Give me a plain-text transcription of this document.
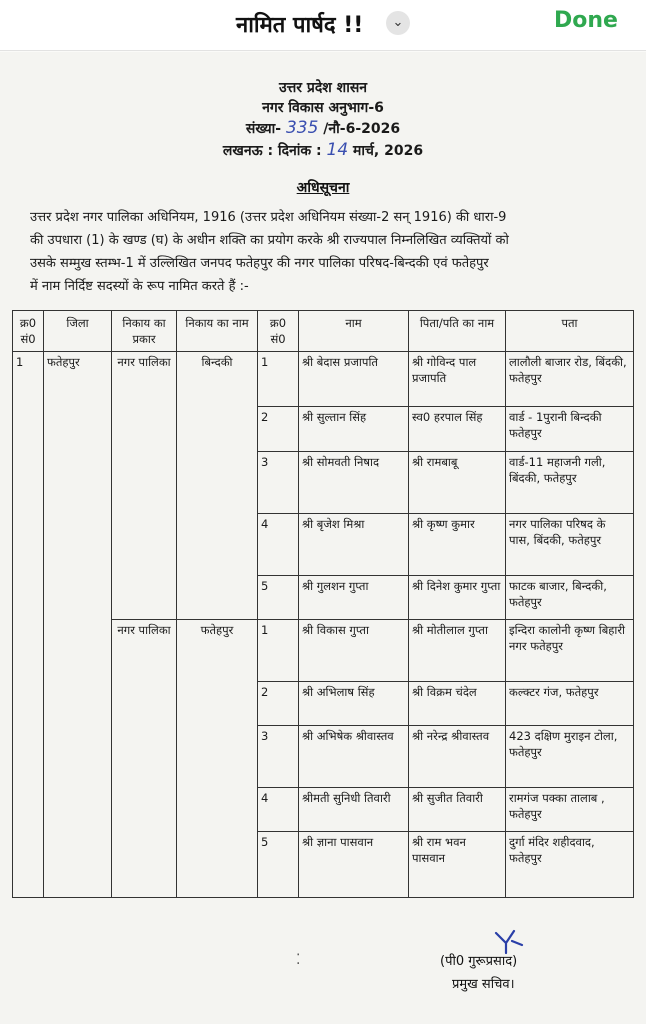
नामित पार्षद !!	⌄	Done
उत्तर प्रदेश शासन
नगर विकास अनुभाग-6
संख्या- 335 /नौ-6-2026
लखनऊ : दिनांक : 14 मार्च, 2026
अधिसूचना
उत्तर प्रदेश नगर पालिका अधिनियम, 1916 (उत्तर प्रदेश अधिनियम संख्या-2 सन् 1916) की धारा-9
की उपधारा (1) के खण्ड (घ) के अधीन शक्ति का प्रयोग करके श्री राज्यपाल निम्नलिखित व्यक्तियों को
उसके सम्मुख स्तम्भ-1 में उल्लिखित जनपद फतेहपुर की नगर पालिका परिषद-बिन्दकी एवं फतेहपुर
में नाम निर्दिष्ट सदस्यों के रूप नामित करते हैं :-
क्र0 सं0	जिला	निकाय का प्रकार	निकाय का नाम	क्र0 सं0	नाम	पिता/पति का नाम	पता
1	फतेहपुर	नगर पालिका	बिन्दकी	1	श्री बेदास प्रजापति	श्री गोविन्द पाल प्रजापति	लालौली बाजार रोड, बिंदकी, फतेहपुर
				2	श्री सुल्तान सिंह	स्व0 हरपाल सिंह	वार्ड - 1पुरानी बिन्दकी फतेहपुर
				3	श्री सोमवती निषाद	श्री रामबाबू	वार्ड-11 महाजनी गली, बिंदकी, फतेहपुर
				4	श्री बृजेश मिश्रा	श्री कृष्ण कुमार	नगर पालिका परिषद के पास, बिंदकी, फतेहपुर
				5	श्री गुलशन गुप्ता	श्री दिनेश कुमार गुप्ता	फाटक बाजार, बिन्दकी, फतेहपुर
		नगर पालिका	फतेहपुर	1	श्री विकास गुप्ता	श्री मोतीलाल गुप्ता	इन्दिरा कालोनी कृष्ण बिहारी नगर फतेहपुर
				2	श्री अभिलाष सिंह	श्री विक्रम चंदेल	कल्क्टर गंज, फतेहपुर
				3	श्री अभिषेक श्रीवास्तव	श्री नरेन्द्र श्रीवास्तव	423 दक्षिण मुराइन टोला, फतेहपुर
				4	श्रीमती सुनिधी तिवारी	श्री सुजीत तिवारी	रामगंज पक्का तालाब , फतेहपुर
				5	श्री ज्ञाना पासवान	श्री राम भवन पासवान	दुर्गा मंदिर शहीदवाद, फतेहपुर
⁚	(पी0 गुरूप्रसाद)
प्रमुख सचिव।
